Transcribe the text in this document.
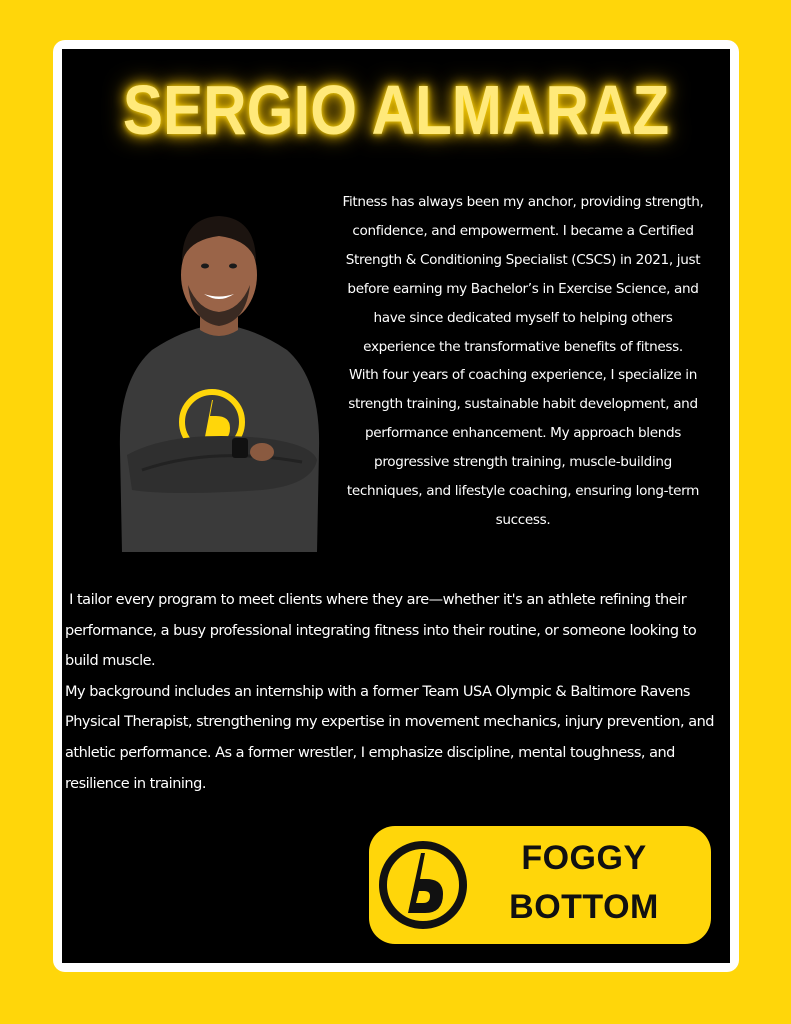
SERGIO ALMARAZ

Fitness has always been my anchor, providing strength, confidence, and empowerment. I became a Certified Strength & Conditioning Specialist (CSCS) in 2021, just before earning my Bachelor’s in Exercise Science, and have since dedicated myself to helping others experience the transformative benefits of fitness.

With four years of coaching experience, I specialize in strength training, sustainable habit development, and performance enhancement. My approach blends progressive strength training, muscle-building techniques, and lifestyle coaching, ensuring long-term success.

I tailor every program to meet clients where they are—whether it's an athlete refining their performance, a busy professional integrating fitness into their routine, or someone looking to build muscle.

My background includes an internship with a former Team USA Olympic & Baltimore Ravens Physical Therapist, strengthening my expertise in movement mechanics, injury prevention, and athletic performance. As a former wrestler, I emphasize discipline, mental toughness, and resilience in training.

FOGGY
BOTTOM
